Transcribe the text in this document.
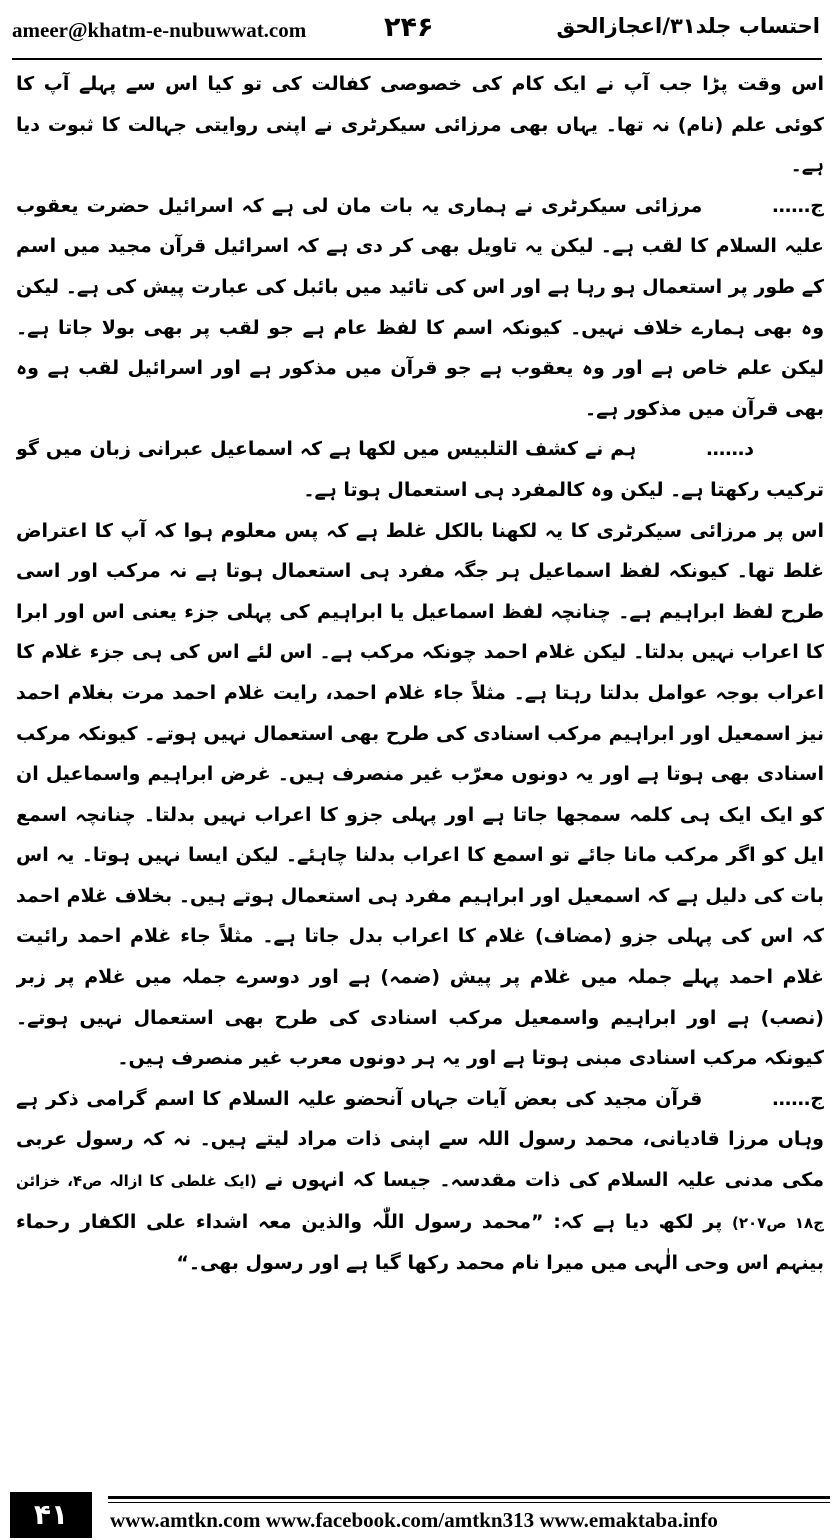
ameer@khatm-e-nubuwwat.com	۲۴۶	احتساب جلد۳۱/اعجازالحق

اس وقت پڑا جب آپ نے ایک کام کی خصوصی کفالت کی تو کیا اس سے پہلے آپ کا کوئی علم (نام) نہ تھا۔ یہاں بھی مرزائی سیکرٹری نے اپنی روایتی جہالت کا ثبوت دیا ہے۔

ج……مرزائی سیکرٹری نے ہماری یہ بات مان لی ہے کہ اسرائیل حضرت یعقوب علیہ السلام کا لقب ہے۔ لیکن یہ تاویل بھی کر دی ہے کہ اسرائیل قرآن مجید میں اسم کے طور پر استعمال ہو رہا ہے اور اس کی تائید میں بائبل کی عبارت پیش کی ہے۔ لیکن وہ بھی ہمارے خلاف نہیں۔ کیونکہ اسم کا لفظ عام ہے جو لقب پر بھی بولا جاتا ہے۔ لیکن علم خاص ہے اور وہ یعقوب ہے جو قرآن میں مذکور ہے اور اسرائیل لقب ہے وہ بھی قرآن میں مذکور ہے۔

د……ہم نے کشف التلبیس میں لکھا ہے کہ اسماعیل عبرانی زبان میں گو ترکیب رکھتا ہے۔ لیکن وہ کالمفرد ہی استعمال ہوتا ہے۔

اس پر مرزائی سیکرٹری کا یہ لکھنا بالکل غلط ہے کہ پس معلوم ہوا کہ آپ کا اعتراض غلط تھا۔ کیونکہ لفظ اسماعیل ہر جگہ مفرد ہی استعمال ہوتا ہے نہ مرکب اور اسی طرح لفظ ابراہیم ہے۔ چنانچہ لفظ اسماعیل یا ابراہیم کی پہلی جزء یعنی اس اور ابرا کا اعراب نہیں بدلتا۔ لیکن غلام احمد چونکہ مرکب ہے۔ اس لئے اس کی ہی جزء غلام کا اعراب بوجہ عوامل بدلتا رہتا ہے۔ مثلاً جاء غلام احمد، رایت غلام احمد مرت بغلام احمد نیز اسمعیل اور ابراہیم مرکب اسنادی کی طرح بھی استعمال نہیں ہوتے۔ کیونکہ مرکب اسنادی بھی ہوتا ہے اور یہ دونوں معرّب غیر منصرف ہیں۔ غرض ابراہیم واسماعیل ان کو ایک ایک ہی کلمہ سمجھا جاتا ہے اور پہلی جزو کا اعراب نہیں بدلتا۔ چنانچہ اسمع ایل کو اگر مرکب مانا جائے تو اسمع کا اعراب بدلنا چاہئے۔ لیکن ایسا نہیں ہوتا۔ یہ اس بات کی دلیل ہے کہ اسمعیل اور ابراہیم مفرد ہی استعمال ہوتے ہیں۔ بخلاف غلام احمد کہ اس کی پہلی جزو (مضاف) غلام کا اعراب بدل جاتا ہے۔ مثلاً جاء غلام احمد رائیت غلام احمد پہلے جملہ میں غلام پر پیش (ضمہ) ہے اور دوسرے جملہ میں غلام پر زبر (نصب) ہے اور ابراہیم واسمعیل مرکب اسنادی کی طرح بھی استعمال نہیں ہوتے۔ کیونکہ مرکب اسنادی مبنی ہوتا ہے اور یہ ہر دونوں معرب غیر منصرف ہیں۔

ج……قرآن مجید کی بعض آیات جہاں آنحضو علیہ السلام کا اسم گرامی ذکر ہے وہاں مرزا قادیانی، محمد رسول اللہ سے اپنی ذات مراد لیتے ہیں۔ نہ کہ رسول عربی مکی مدنی علیہ السلام کی ذات مقدسہ۔ جیسا کہ انہوں نے (ایک غلطی کا ازالہ ص۴، خزائن ج۱۸ ص۲۰۷) پر لکھ دیا ہے کہ: ”محمد رسول اللّٰہ والذین معہ اشداء علی الکفار رحماء بینہم اس وحی الٰہی میں میرا نام محمد رکھا گیا ہے اور رسول بھی۔“

۴۱	www.amtkn.com www.facebook.com/amtkn313 www.emaktaba.info
